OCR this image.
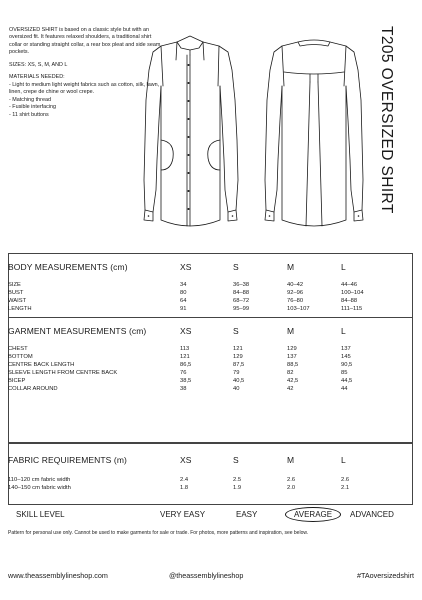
OVERSIZED SHIRT is based on a classic style but with an oversized fit. It features relaxed shoulders, a traditional shirt collar or standing straight collar, a rear box pleat and side seam pockets.

SIZES: XS, S, M, AND L

MATERIALS NEEDED:

- Light to medium light weight fabrics such as cotton, silk, lawn, linen, crepe de chine or wool crepe.
- Matching thread
- Fusible interfacing
- 11 shirt buttons	T205 OVERSIZED SHIRT
BODY MEASUREMENTS (cm)	XS	S	M	L
SIZE	34	36–38	40–42	44–46
BUST	80	84–88	92–96	100–104
WAIST	64	68–72	76–80	84–88
LENGTH	91	95–99	103–107	111–115
GARMENT MEASUREMENTS (cm)	XS	S	M	L
CHEST	113	121	129	137
BOTTOM	121	129	137	145
CENTRE BACK LENGTH	86,5	87,5	88,5	90,5
SLEEVE LENGTH FROM CENTRE BACK	76	79	82	85
BICEP	38,5	40,5	42,5	44,5
COLLAR AROUND	38	40	42	44
FABRIC REQUIREMENTS (m)	XS	S	M	L
110–120 cm fabric width	2.4	2.5	2.6	2.6
140–150 cm fabric width	1.8	1.9	2.0	2.1
SKILL LEVEL	VERY EASY	EASY	AVERAGE	ADVANCED
Pattern for personal use only. Cannot be used to make garments for sale or trade. For photos, more patterns and inspiration, see below.
www.theassemblylineshop.com	@theassemblylineshop	#TAoversizedshirt
